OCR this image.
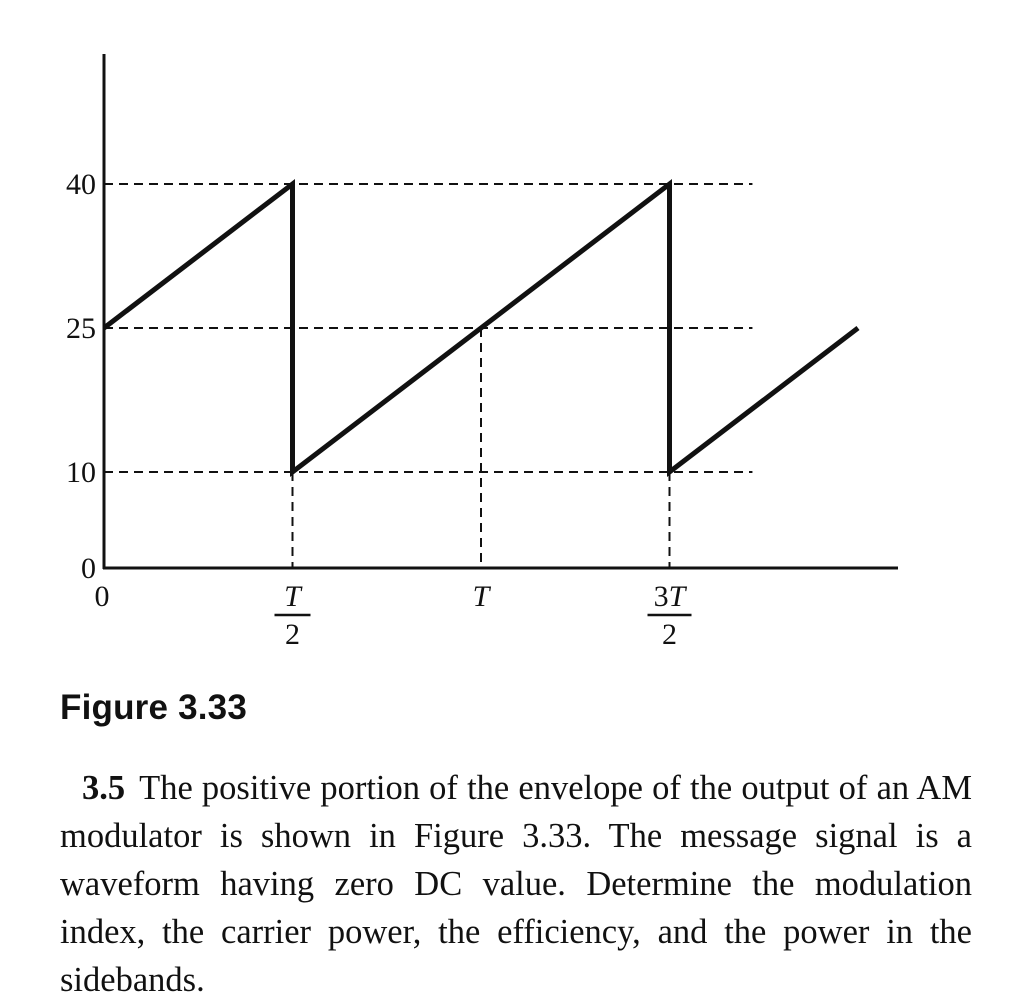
0
10
25
40
0	T
2
T	3T
2
Figure 3.33

3.5 The positive portion of the envelope of the output of an AM modulator is shown in Figure 3.33. The message signal is a waveform having zero DC value. Determine the modulation index, the carrier power, the efficiency, and the power in the sidebands.
